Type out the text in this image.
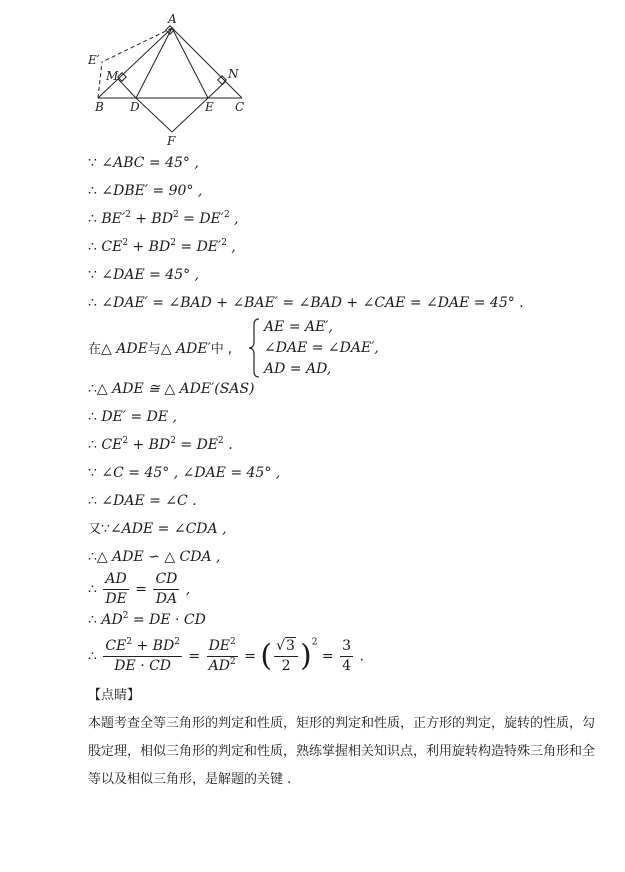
A
E′
M	N
B D	E C
F
∵ ∠ABC = 45° ,
∴ ∠DBE′ = 90° ,
∴ $BE'^2 + BD^2 = DE'^2$ ,
∴ $CE^2 + BD^2 = DE'^2$ ,
∵ ∠DAE = 45° ,
∴ ∠DAE′ = ∠BAD + ∠BAE′ = ∠BAD + ∠CAE = ∠DAE = 45° .
在△ ADE与△ ADE′中 ,
AE = AE′,
∠DAE = ∠DAE′,
AD = AD,
∴△ ADE ≅ △ ADE′(SAS)
∴ DE′ = DE ,
∴ $CE^2 + BD^2 = DE^2$ .
∵ ∠C = 45° , ∠DAE = 45° ,
∴ ∠DAE = ∠C .
又∵∠ADE = ∠CDA ,
∴△ ADE ∽ △ CDA ,
∴ $\frac{AD}{DE} = \frac{CD}{DA}$ ,
∴ $AD^2$ = DE · CD
∴ $\frac{CE^2 + BD^2}{DE \cdot CD} = \frac{DE^2}{AD^2}$ = ( $\frac{√3}{2} )^2 = \frac{3}{4}$ .
【点睛】
本题考查全等三角形的判定和性质，矩形的判定和性质，正方形的判定，旋转的性质，勾股定理，相似三角形的判定和性质，熟练掌握相关知识点，利用旋转构造特殊三角形和全等以及相似三角形，是解题的关键 .
